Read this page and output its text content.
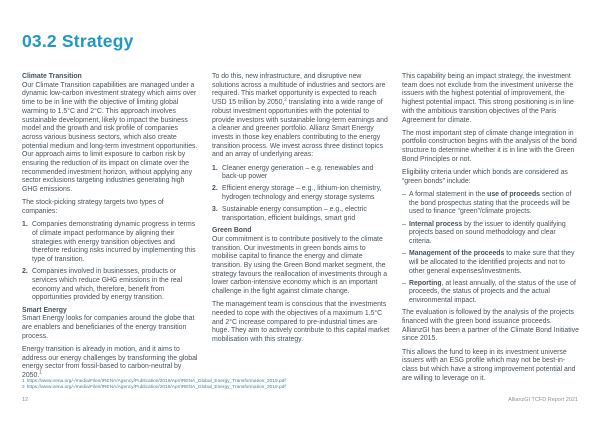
03.2 Strategy
Climate Transition

Our Climate Transition capabilities are managed under a dynamic low-carbon investment strategy which aims over time to be in line with the objective of limiting global warming to 1.5°C and 2°C. This approach involves sustainable development, likely to impact the business model and the growth and risk profile of companies across various business sectors, which also create potential medium and long-term investment opportunities. Our approach aims to limit exposure to carbon risk by ensuring the reduction of its impact on climate over the recommended investment horizon, without applying any sector exclusions targeting industries generating high GHG emissions.

The stock-picking strategy targets two types of companies:

1. Companies demonstrating dynamic progress in terms of climate impact performance by aligning their strategies with energy transition objectives and therefore reducing risks incurred by implementing this type of transition.
2. Companies involved in businesses, products or services which reduce GHG emissions in the real economy and which, therefore, benefit from opportunities provided by energy transition.
Smart Energy

Smart Energy looks for companies around the globe that are enablers and beneficiaries of the energy transition process.

Energy transition is already in motion, and it aims to address our energy challenges by transforming the global energy sector from fossil-based to carbon-neutral by 2050.$^1$

To do this, new infrastructure, and disruptive new solutions across a multitude of industries and sectors are required. This market opportunity is expected to reach USD 15 trillion by 2050,$^2$ translating into a wide range of robust investment opportunities with the potential to provide investors with sustainable long-term earnings and a cleaner and greener portfolio. Allianz Smart Energy invests in those key enablers contributing to the energy transition process. We invest across three distinct topics and an array of underlying areas:

1. Cleaner energy generation – e.g. renewables and back-up power
2. Efficient energy storage – e.g., lithium-ion chemistry, hydrogen technology and energy storage systems
3. Sustainable energy consumption – e.g., electric transportation, efficient buildings, smart grid
Green Bond

Our commitment is to contribute positively to the climate transition. Our investments in green bonds aims to mobilise capital to finance the energy and climate transition. By using the Green Bond market segment, the strategy favours the reallocation of investments through a lower carbon-intensive economy which is an important challenge in the fight against climate change.

The management team is conscious that the investments needed to cope with the objectives of a maximum 1.5°C and 2°C increase compared to pre-industrial times are huge. They aim to actively contribute to this capital market mobilisation with this strategy.

This capability being an impact strategy, the investment team does not exclude from the investment universe the issuers with the highest potential of improvement, the highest potential impact. This strong positioning is in line with the ambitious transition objectives of the Paris Agreement for climate.

The most important step of climate change integration in portfolio construction begins with the analysis of the bond structure to determine whether it is in line with the Green Bond Principles or not.

Eligibility criteria under which bonds are considered as “green bonds” include:

– A formal statement in the use of proceeds section of the bond prospectus stating that the proceeds will be used to finance “green”/climate projects.
– Internal process by the issuer to identify qualifying projects based on sound methodology and clear criteria.
– Management of the proceeds to make sure that they will be allocated to the identified projects and not to other general expenses/investments.
– Reporting, at least annually, of the status of the use of proceeds, the status of projects and the actual environmental impact.

The evaluation is followed by the analysis of the projects financed with the green bond issuance proceeds. AllianzGI has been a partner of the Climate Bond Initiative since 2015.

This allows the fund to keep in its investment universe issuers with an ESG profile which may not be best-in-class but which have a strong improvement potential and are willing to leverage on it.

1 https://www.irena.org/-/media/Files/IRENA/Agency/Publication/2019/Apr/IRENA_Global_Energy_Transformation_2019.pdf
2 https://www.irena.org/-/media/Files/IRENA/Agency/Publication/2019/Apr/IRENA_Global_Energy_Transformation_2019.pdf
12	AllianzGI TCFD Report 2021
